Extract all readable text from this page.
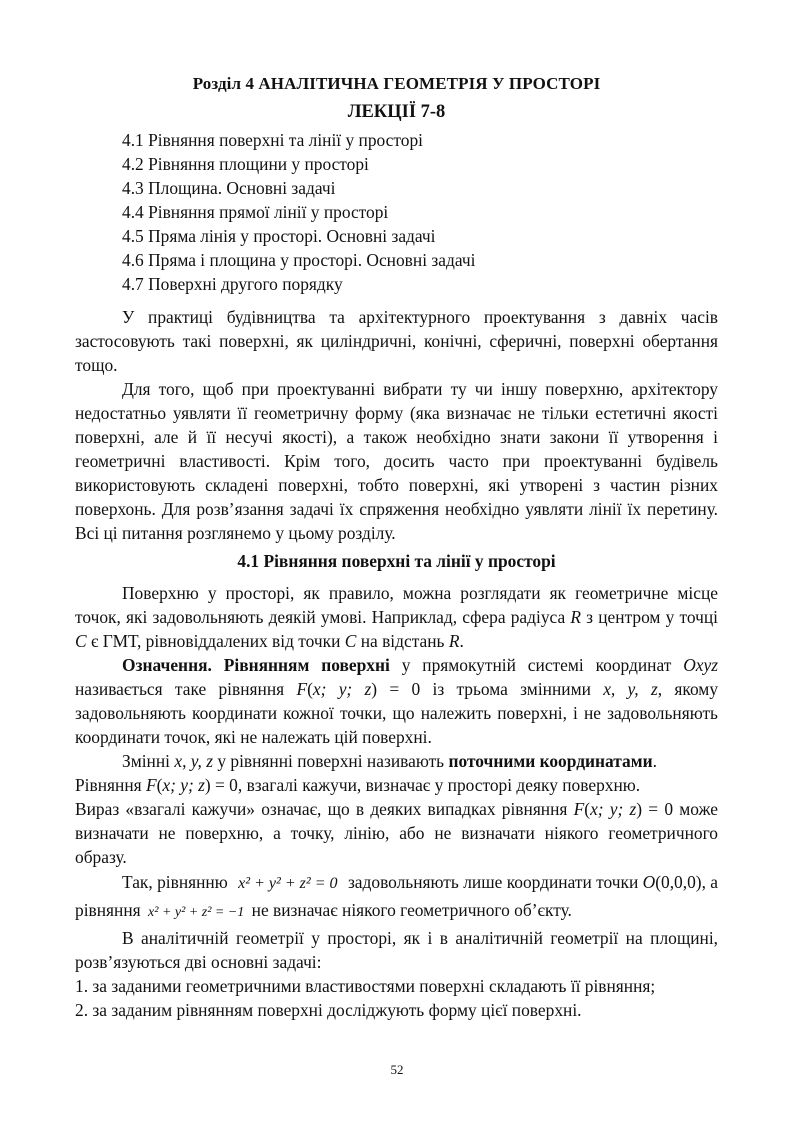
Розділ 4 АНАЛІТИЧНА ГЕОМЕТРІЯ У ПРОСТОРІ
ЛЕКЦІЇ 7-8
4.1 Рівняння поверхні та лінії у просторі
4.2 Рівняння площини у просторі
4.3 Площина. Основні задачі
4.4 Рівняння прямої лінії у просторі
4.5 Пряма лінія у просторі. Основні задачі
4.6 Пряма і площина у просторі. Основні задачі
4.7 Поверхні другого порядку

У практиці будівництва та архітектурного проектування з давніх часів застосовують такі поверхні, як циліндричні, конічні, сферичні, поверхні обертання тощо.

Для того, щоб при проектуванні вибрати ту чи іншу поверхню, архітектору недостатньо уявляти її геометричну форму (яка визначає не тільки естетичні якості поверхні, але й її несучі якості), а також необхідно знати закони її утворення і геометричні властивості. Крім того, досить часто при проектуванні будівель використовують складені поверхні, тобто поверхні, які утворені з частин різних поверхонь. Для розв’язання задачі їх спряження необхідно уявляти лінії їх перетину. Всі ці питання розглянемо у цьому розділу.

4.1 Рівняння поверхні та лінії у просторі

Поверхню у просторі, як правило, можна розглядати як геометричне місце точок, які задовольняють деякій умові. Наприклад, сфера радіуса R з центром у точці C є ГМТ, рівновіддалених від точки C на відстань R.

Означення. Рівнянням поверхні у прямокутній системі координат Oxyz називається таке рівняння F(x; y; z) = 0 із трьома змінними x, y, z, якому задовольняють координати кожної точки, що належить поверхні, і не задовольняють координати точок, які не належать цій поверхні.

Змінні x, y, z у рівнянні поверхні називають поточними координатами.

Рівняння F(x; y; z) = 0, взагалі кажучи, визначає у просторі деяку поверхню.

Вираз «взагалі кажучи» означає, що в деяких випадках рівняння F(x; y; z) = 0 може визначати не поверхню, а точку, лінію, або не визначати ніякого геометричного образу.

Так, рівнянню x² + y² + z² = 0 задовольняють лише координати точки O(0,0,0), а рівняння x² + y² + z² = −1 не визначає ніякого геометричного об’єкту.

В аналітичній геометрії у просторі, як і в аналітичній геометрії на площині, розв’язуються дві основні задачі:

1. за заданими геометричними властивостями поверхні складають її рівняння;

2. за заданим рівнянням поверхні досліджують форму цієї поверхні.

52
